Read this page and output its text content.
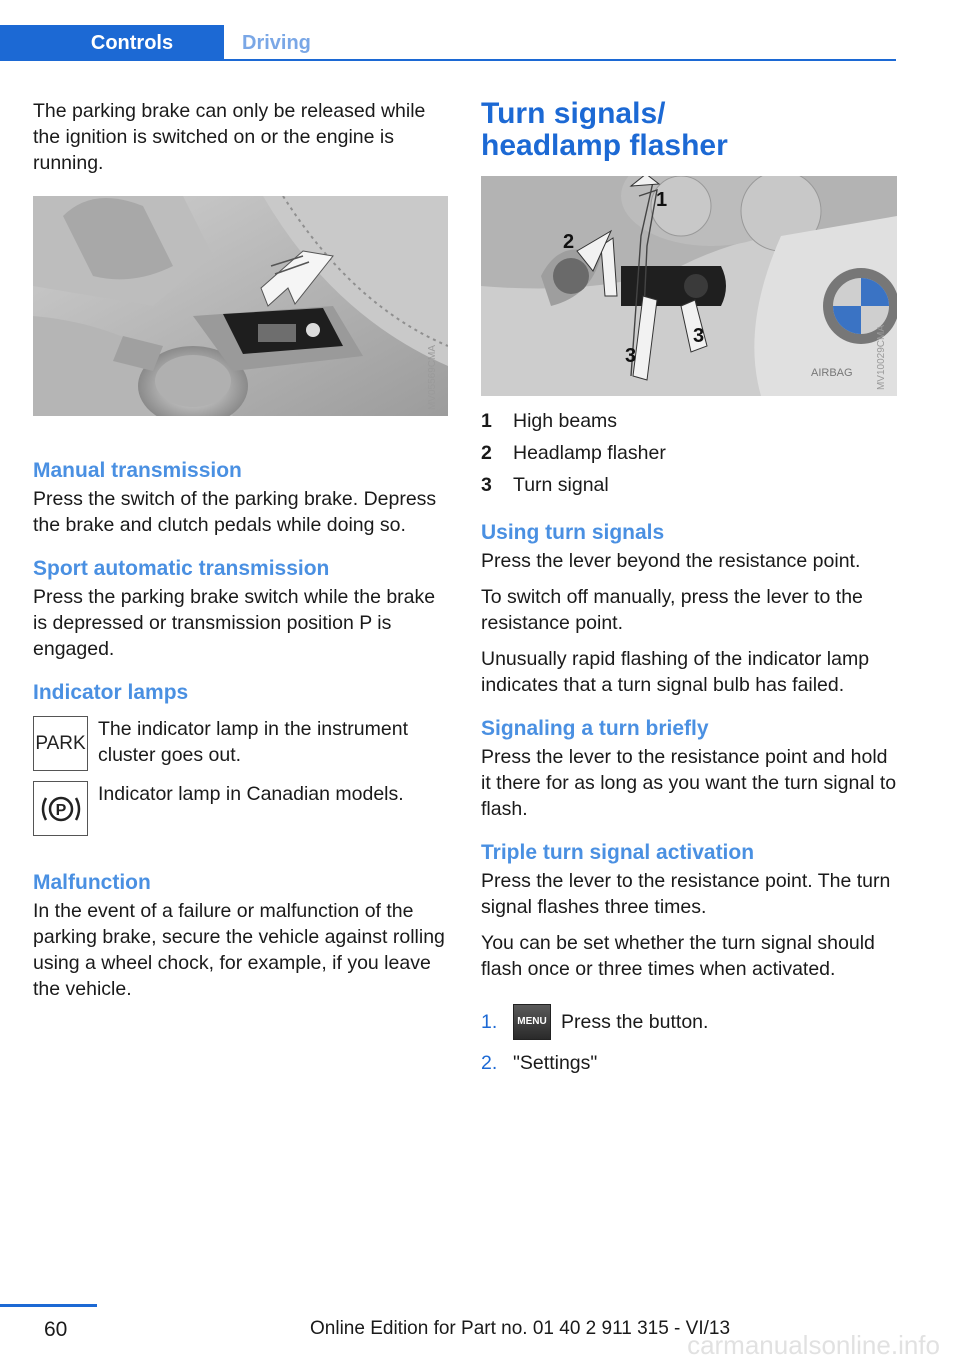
Controls	Driving

The parking brake can only be released while the ignition is switched on or the engine is running.

MV05569CMA
Manual transmission

Press the switch of the parking brake. Depress the brake and clutch pedals while doing so.

Sport automatic transmission

Press the parking brake switch while the brake is depressed or transmission position P is engaged.

Indicator lamps
PARK
The indicator lamp in the instrument cluster goes out.
P
Indicator lamp in Canadian models.
Malfunction

In the event of a failure or malfunction of the parking brake, secure the vehicle against rolling using a wheel chock, for example, if you leave the vehicle.

Turn signals/ headlamp flasher
1
2
3
3
AIRBAG	MV10029CMA
1	High beams
2	Headlamp flasher
3	Turn signal
Using turn signals

Press the lever beyond the resistance point.

To switch off manually, press the lever to the resistance point.

Unusually rapid flashing of the indicator lamp indicates that a turn signal bulb has failed.

Signaling a turn briefly

Press the lever to the resistance point and hold it there for as long as you want the turn signal to flash.

Triple turn signal activation

Press the lever to the resistance point. The turn signal flashes three times.

You can be set whether the turn signal should flash once or three times when activated.

1.	MENU Press the button.
2. "Settings"
60	Online Edition for Part no. 01 40 2 911 315 - VI/13
carmanualsonline.info
